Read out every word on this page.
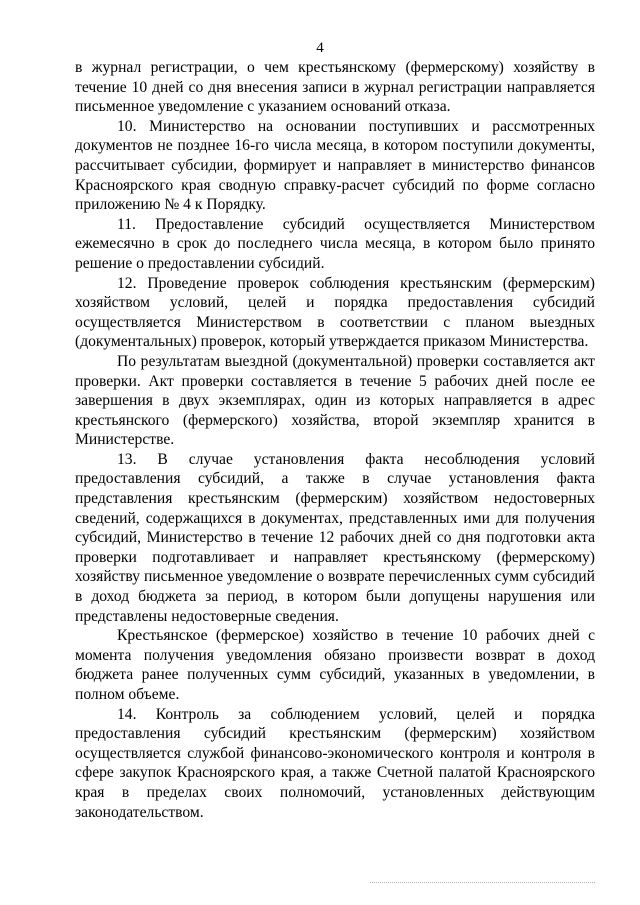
4

в журнал регистрации, о чем крестьянскому (фермерскому) хозяйству в течение 10 дней со дня внесения записи в журнал регистрации направляется письменное уведомление с указанием оснований отказа.

10. Министерство на основании поступивших и рассмотренных документов не позднее 16-го числа месяца, в котором поступили документы, рассчитывает субсидии, формирует и направляет в министерство финансов Красноярского края сводную справку-расчет субсидий по форме согласно приложению № 4 к Порядку.

11. Предоставление субсидий осуществляется Министерством ежемесячно в срок до последнего числа месяца, в котором было принято решение о предоставлении субсидий.

12. Проведение проверок соблюдения крестьянским (фермерским) хозяйством условий, целей и порядка предоставления субсидий осуществляется Министерством в соответствии с планом выездных (документальных) проверок, который утверждается приказом Министерства.

По результатам выездной (документальной) проверки составляется акт проверки. Акт проверки составляется в течение 5 рабочих дней после ее завершения в двух экземплярах, один из которых направляется в адрес крестьянского (фермерского) хозяйства, второй экземпляр хранится в Министерстве.

13. В случае установления факта несоблюдения условий предоставления субсидий, а также в случае установления факта представления крестьянским (фермерским) хозяйством недостоверных сведений, содержащихся в документах, представленных ими для получения субсидий, Министерство в течение 12 рабочих дней со дня подготовки акта проверки подготавливает и направляет крестьянскому (фермерскому) хозяйству письменное уведомление о возврате перечисленных сумм субсидий в доход бюджета за период, в котором были допущены нарушения или представлены недостоверные сведения.

Крестьянское (фермерское) хозяйство в течение 10 рабочих дней с момента получения уведомления обязано произвести возврат в доход бюджета ранее полученных сумм субсидий, указанных в уведомлении, в полном объеме.

14. Контроль за соблюдением условий, целей и порядка предоставления субсидий крестьянским (фермерским) хозяйством осуществляется службой финансово-экономического контроля и контроля в сфере закупок Красноярского края, а также Счетной палатой Красноярского края в пределах своих полномочий, установленных действующим законодательством.
